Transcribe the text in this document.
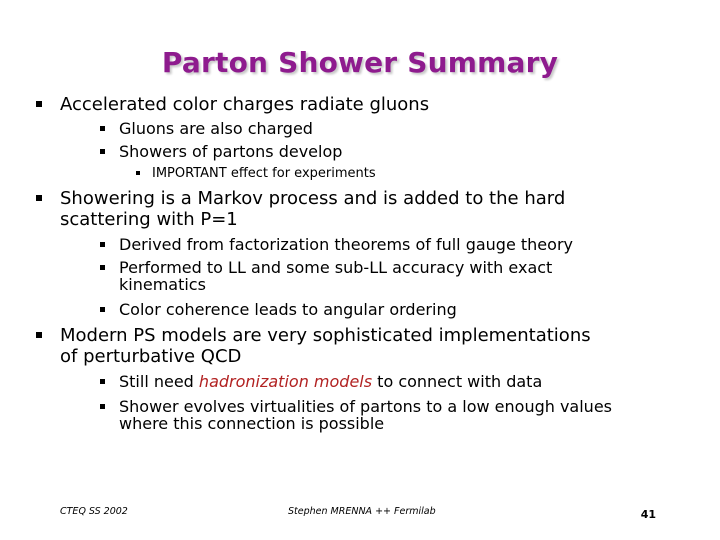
Parton Shower Summary
Accelerated color charges radiate gluons
Gluons are also charged
Showers of partons develop
IMPORTANT effect for experiments
Showering is a Markov process and is added to the hard
scattering with P=1
Derived from factorization theorems of full gauge theory
Performed to LL and some sub-LL accuracy with exact
kinematics
Color coherence leads to angular ordering
Modern PS models are very sophisticated implementations
of perturbative QCD
Still need hadronization models to connect with data
Shower evolves virtualities of partons to a low enough values
where this connection is possible
CTEQ SS 2002	Stephen MRENNA ++ Fermilab	41
